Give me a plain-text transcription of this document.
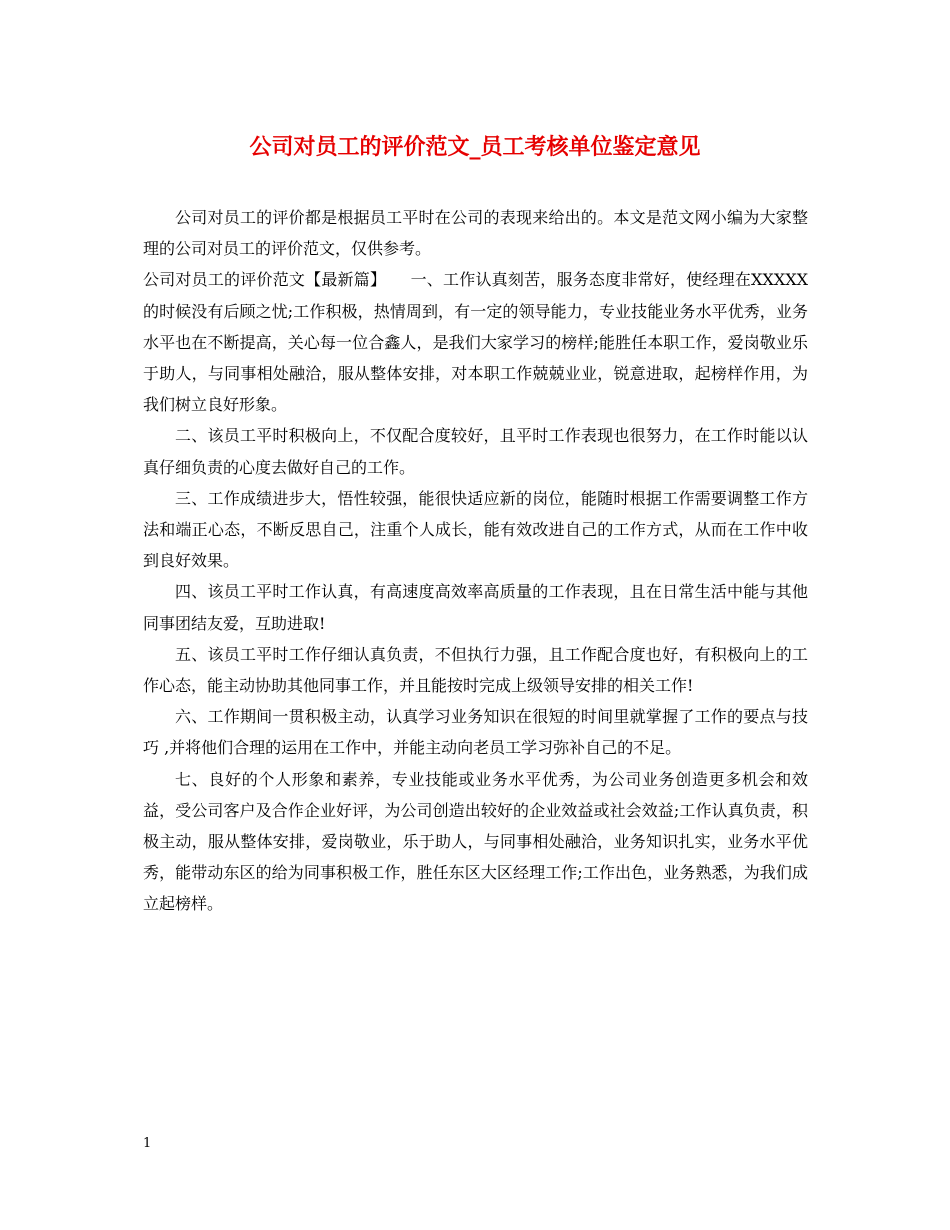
公司对员工的评价范文_员工考核单位鉴定意见

公司对员工的评价都是根据员工平时在公司的表现来给出的。本文是范文网小编为大家整理的公司对员工的评价范文，仅供参考。

公司对员工的评价范文【最新篇】　　一、工作认真刻苦，服务态度非常好，使经理在XXXXX的时候没有后顾之忧;工作积极，热情周到，有一定的领导能力，专业技能业务水平优秀，业务水平也在不断提高，关心每一位合鑫人，是我们大家学习的榜样;能胜任本职工作，爱岗敬业乐于助人，与同事相处融洽，服从整体安排，对本职工作兢兢业业，锐意进取，起榜样作用，为我们树立良好形象。

二、该员工平时积极向上，不仅配合度较好，且平时工作表现也很努力，在工作时能以认真仔细负责的心度去做好自己的工作。

三、工作成绩进步大，悟性较强，能很快适应新的岗位，能随时根据工作需要调整工作方法和端正心态，不断反思自己，注重个人成长，能有效改进自己的工作方式，从而在工作中收到良好效果。

四、该员工平时工作认真，有高速度高效率高质量的工作表现，且在日常生活中能与其他同事团结友爱，互助进取!

五、该员工平时工作仔细认真负责，不但执行力强，且工作配合度也好，有积极向上的工作心态，能主动协助其他同事工作，并且能按时完成上级领导安排的相关工作!

六、工作期间一贯积极主动，认真学习业务知识在很短的时间里就掌握了工作的要点与技巧 ,并将他们合理的运用在工作中，并能主动向老员工学习弥补自己的不足。

七、良好的个人形象和素养，专业技能或业务水平优秀，为公司业务创造更多机会和效益，受公司客户及合作企业好评，为公司创造出较好的企业效益或社会效益;工作认真负责，积极主动，服从整体安排，爱岗敬业，乐于助人，与同事相处融洽，业务知识扎实，业务水平优秀，能带动东区的给为同事积极工作，胜任东区大区经理工作;工作出色，业务熟悉，为我们成立起榜样。

1
